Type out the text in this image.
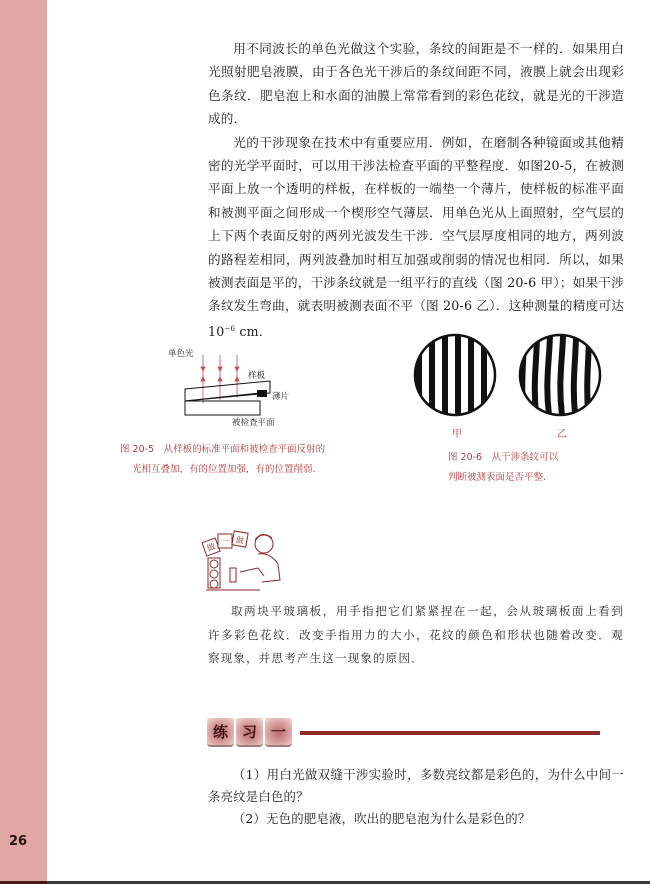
26

用不同波长的单色光做这个实验，条纹的间距是不一样的．如果用白光照射肥皂液膜，由于各色光干涉后的条纹间距不同，液膜上就会出现彩色条纹．肥皂泡上和水面的油膜上常常看到的彩色花纹，就是光的干涉造成的．

光的干涉现象在技术中有重要应用．例如，在磨制各种镜面或其他精密的光学平面时，可以用干涉法检查平面的平整程度．如图20-5，在被测平面上放一个透明的样板，在样板的一端垫一个薄片，使样板的标准平面和被测平面之间形成一个楔形空气薄层．用单色光从上面照射，空气层的上下两个表面反射的两列光波发生干涉．空气层厚度相同的地方，两列波的路程差相同，两列波叠加时相互加强或削弱的情况也相同．所以，如果被测表面是平的，干涉条纹就是一组平行的直线（图 20-6 甲）；如果干涉条纹发生弯曲，就表明被测表面不平（图 20-6 乙）．这种测量的精度可达 $10^{-6}$ cm.

单色光
样板
薄片
被检查平面
图 20-5　从样板的标准平面和被检查平面反射的
光相互叠加，有的位置加强，有的位置削弱.
甲	乙
图 20-6　从干涉条纹可以
判断被测表面是否平整.
做
一 做

取两块平玻璃板，用手指把它们紧紧捏在一起，会从玻璃板面上看到许多彩色花纹．改变手指用力的大小，花纹的颜色和形状也随着改变．观察现象，并思考产生这一现象的原因．

练 习 一

（1）用白光做双缝干涉实验时，多数亮纹都是彩色的，为什么中间一条亮纹是白色的？

（2）无色的肥皂液，吹出的肥皂泡为什么是彩色的？
